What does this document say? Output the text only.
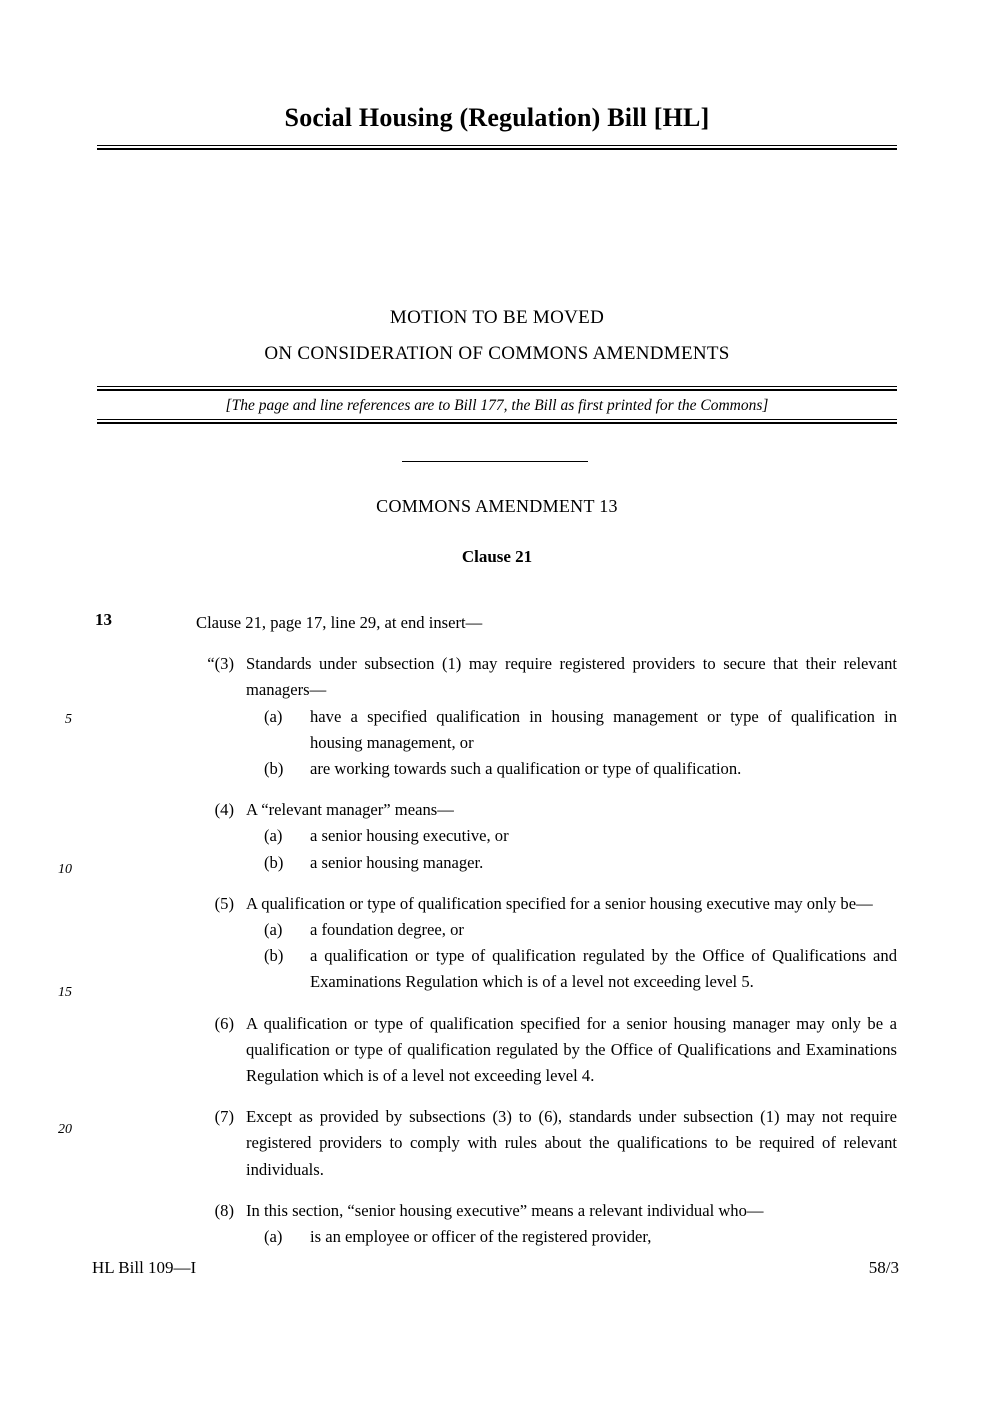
Social Housing (Regulation) Bill [HL]
MOTION TO BE MOVED
ON CONSIDERATION OF COMMONS AMENDMENTS
[The page and line references are to Bill 177, the Bill as first printed for the Commons]
COMMONS AMENDMENT 13
Clause 21
13	Clause 21, page 17, line 29, at end insert—
“(3) Standards under subsection (1) may require registered providers to secure that their relevant managers—
(a)	have a specified qualification in housing management or type of qualification in housing management, or
(b)	are working towards such a qualification or type of qualification.
(4) A “relevant manager” means—
(a)	a senior housing executive, or
(b)	a senior housing manager.
(5) A qualification or type of qualification specified for a senior housing executive may only be—
(a)	a foundation degree, or
(b)	a qualification or type of qualification regulated by the Office of Qualifications and Examinations Regulation which is of a level not exceeding level 5.
(6) A qualification or type of qualification specified for a senior housing manager may only be a qualification or type of qualification regulated by the Office of Qualifications and Examinations Regulation which is of a level not exceeding level 4.
(7) Except as provided by subsections (3) to (6), standards under subsection (1) may not require registered providers to comply with rules about the qualifications to be required of relevant individuals.
(8) In this section, “senior housing executive” means a relevant individual who—
(a)	is an employee or officer of the registered provider,
5
10
15
20
HL Bill 109—I	58/3
